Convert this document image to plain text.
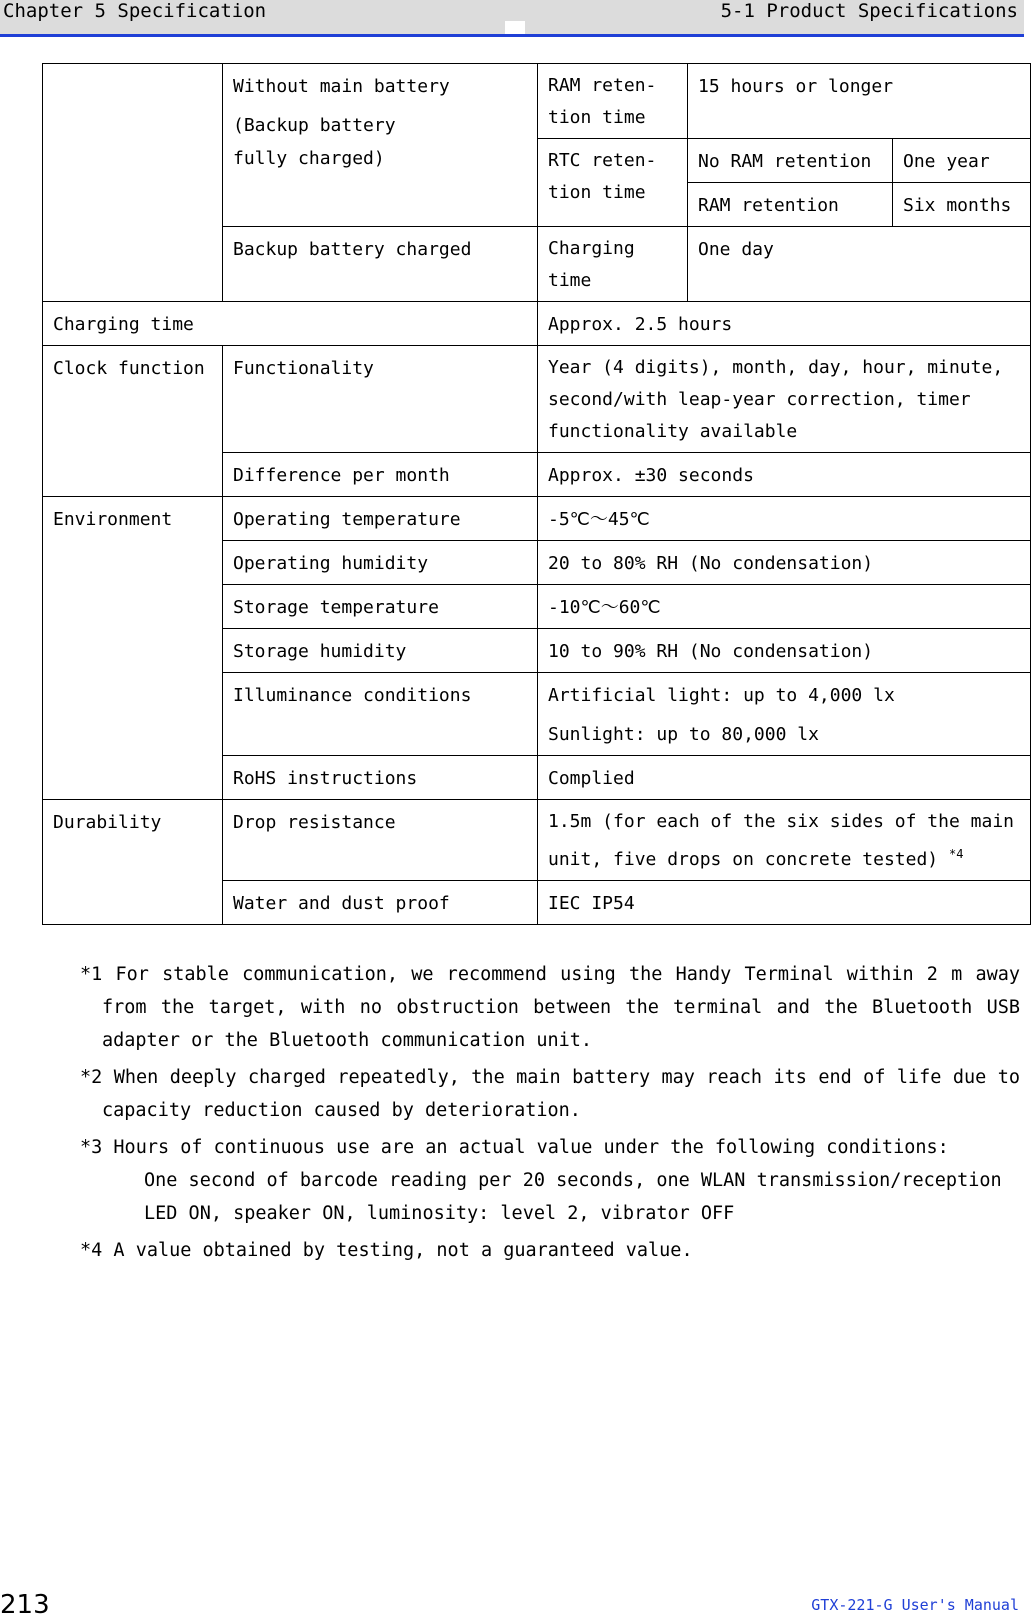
Chapter 5 Specification	5-1 Product Specifications

	Without main battery
(Backup battery
fully charged)	RAM reten-tion time	15 hours or longer	
		RTC reten-tion time	No RAM retention	One year
			RAM retention	Six months
	Backup battery charged	Charging time	One day	
Charging time		Approx. 2.5 hours		
Clock function	Functionality	Year (4 digits), month, day, hour, minute, second/with leap-year correction, timer functionality available		
	Difference per month	Approx. ±30 seconds		
Environment	Operating temperature	-5℃～45℃		
	Operating humidity	20 to 80% RH (No condensation)		
	Storage temperature	-10℃～60℃		
	Storage humidity	10 to 90% RH (No condensation)		
	Illuminance conditions	Artificial light: up to 4,000 lx
Sunlight: up to 80,000 lx		

	RoHS instructions	Complied		
Durability	Drop resistance	1.5m (for each of the six sides of the main unit, five drops on concrete tested) $^{*4}$
	Water and dust proof	IEC IP54		
*1 For stable communication, we recommend using the Handy Terminal within 2 m away from the target, with no obstruction between the terminal and the Bluetooth USB adapter or the Bluetooth communication unit.
*2 When deeply charged repeatedly, the main battery may reach its end of life due to capacity reduction caused by deterioration.
*3 Hours of continuous use are an actual value under the following conditions:
One second of barcode reading per 20 seconds, one WLAN transmission/reception
LED ON, speaker ON, luminosity: level 2, vibrator OFF
*4 A value obtained by testing, not a guaranteed value.
213	GTX-221-G User's Manual
